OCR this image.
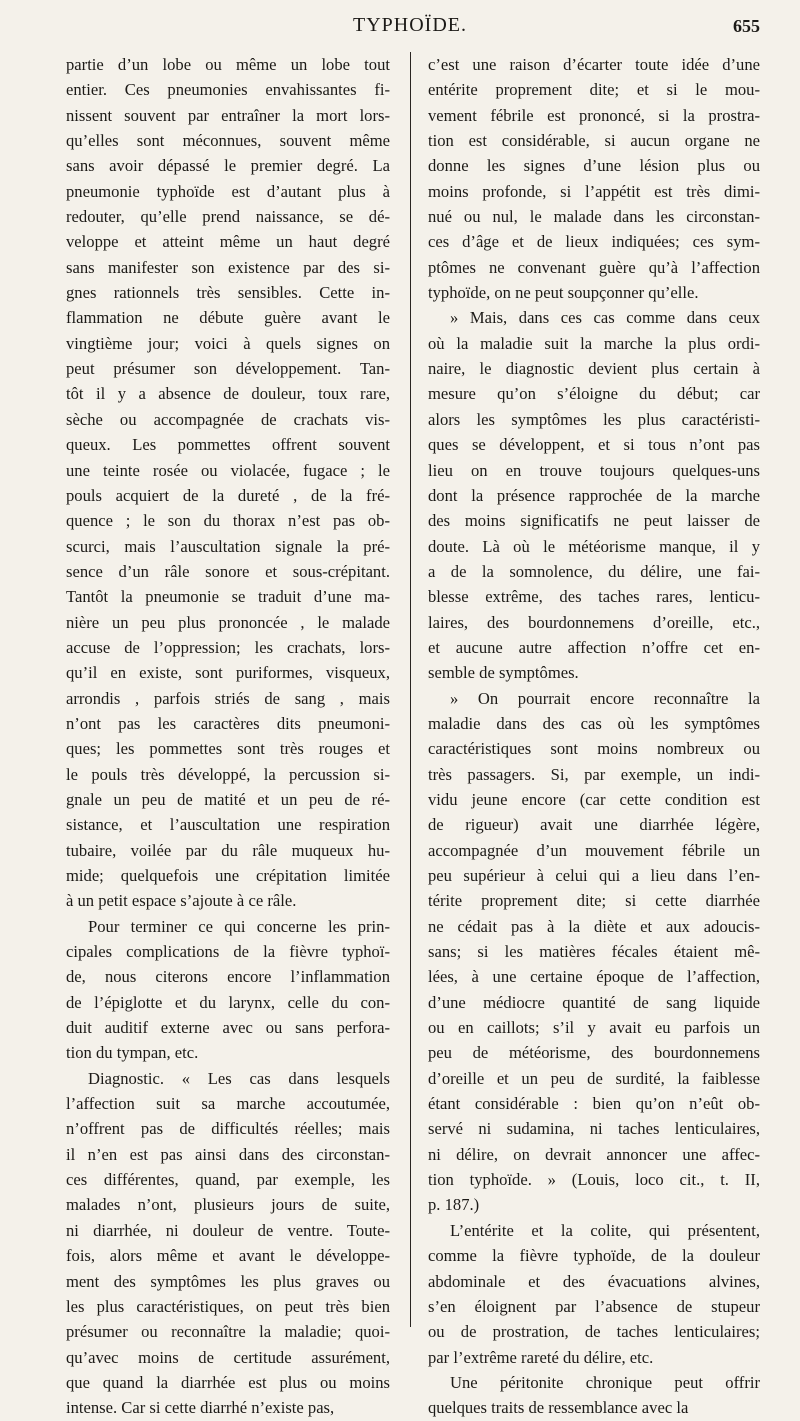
TYPHOÏDE.	655
partie d’un lobe ou même un lobe tout
entier. Ces pneumonies envahissantes fi-
nissent souvent par entraîner la mort lors-
qu’elles sont méconnues, souvent même
sans avoir dépassé le premier degré. La
pneumonie typhoïde est d’autant plus à
redouter, qu’elle prend naissance, se dé-
veloppe et atteint même un haut degré
sans manifester son existence par des si-
gnes rationnels très sensibles. Cette in-
flammation ne débute guère avant le
vingtième jour; voici à quels signes on
peut présumer son développement. Tan-
tôt il y a absence de douleur, toux rare,
sèche ou accompagnée de crachats vis-
queux. Les pommettes offrent souvent
une teinte rosée ou violacée, fugace ; le
pouls acquiert de la dureté , de la fré-
quence ; le son du thorax n’est pas ob-
scurci, mais l’auscultation signale la pré-
sence d’un râle sonore et sous-crépitant.
Tantôt la pneumonie se traduit d’une ma-
nière un peu plus prononcée , le malade
accuse de l’oppression; les crachats, lors-
qu’il en existe, sont puriformes, visqueux,
arrondis , parfois striés de sang , mais
n’ont pas les caractères dits pneumoni-
ques; les pommettes sont très rouges et
le pouls très développé, la percussion si-
gnale un peu de matité et un peu de ré-
sistance, et l’auscultation une respiration
tubaire, voilée par du râle muqueux hu-
mide; quelquefois une crépitation limitée
à un petit espace s’ajoute à ce râle.
Pour terminer ce qui concerne les prin-
cipales complications de la fièvre typhoï-
de, nous citerons encore l’inflammation
de l’épiglotte et du larynx, celle du con-
duit auditif externe avec ou sans perfora-
tion du tympan, etc.
Diagnostic. « Les cas dans lesquels
l’affection suit sa marche accoutumée,
n’offrent pas de difficultés réelles; mais
il n’en est pas ainsi dans des circonstan-
ces différentes, quand, par exemple, les
malades n’ont, plusieurs jours de suite,
ni diarrhée, ni douleur de ventre. Toute-
fois, alors même et avant le développe-
ment des symptômes les plus graves ou
les plus caractéristiques, on peut très bien
présumer ou reconnaître la maladie; quoi-
qu’avec moins de certitude assurément,
que quand la diarrhée est plus ou moins
intense. Car si cette diarrhé n’existe pas,
c’est une raison d’écarter toute idée d’une
entérite proprement dite; et si le mou-
vement fébrile est prononcé, si la prostra-
tion est considérable, si aucun organe ne
donne les signes d’une lésion plus ou
moins profonde, si l’appétit est très dimi-
nué ou nul, le malade dans les circonstan-
ces d’âge et de lieux indiquées; ces sym-
ptômes ne convenant guère qu’à l’affection
typhoïde, on ne peut soupçonner qu’elle.
» Mais, dans ces cas comme dans ceux
où la maladie suit la marche la plus ordi-
naire, le diagnostic devient plus certain à
mesure qu’on s’éloigne du début; car
alors les symptômes les plus caractéristi-
ques se développent, et si tous n’ont pas
lieu on en trouve toujours quelques-uns
dont la présence rapprochée de la marche
des moins significatifs ne peut laisser de
doute. Là où le météorisme manque, il y
a de la somnolence, du délire, une fai-
blesse extrême, des taches rares, lenticu-
laires, des bourdonnemens d’oreille, etc.,
et aucune autre affection n’offre cet en-
semble de symptômes.
» On pourrait encore reconnaître la
maladie dans des cas où les symptômes
caractéristiques sont moins nombreux ou
très passagers. Si, par exemple, un indi-
vidu jeune encore (car cette condition est
de rigueur) avait une diarrhée légère,
accompagnée d’un mouvement fébrile un
peu supérieur à celui qui a lieu dans l’en-
térite proprement dite; si cette diarrhée
ne cédait pas à la diète et aux adoucis-
sans; si les matières fécales étaient mê-
lées, à une certaine époque de l’affection,
d’une médiocre quantité de sang liquide
ou en caillots; s’il y avait eu parfois un
peu de météorisme, des bourdonnemens
d’oreille et un peu de surdité, la faiblesse
étant considérable : bien qu’on n’eût ob-
servé ni sudamina, ni taches lenticulaires,
ni délire, on devrait annoncer une affec-
tion typhoïde. » (Louis, loco cit., t. II,
p. 187.)
L’entérite et la colite, qui présentent,
comme la fièvre typhoïde, de la douleur
abdominale et des évacuations alvines,
s’en éloignent par l’absence de stupeur
ou de prostration, de taches lenticulaires;
par l’extrême rareté du délire, etc.
Une péritonite chronique peut offrir
quelques traits de ressemblance avec la
